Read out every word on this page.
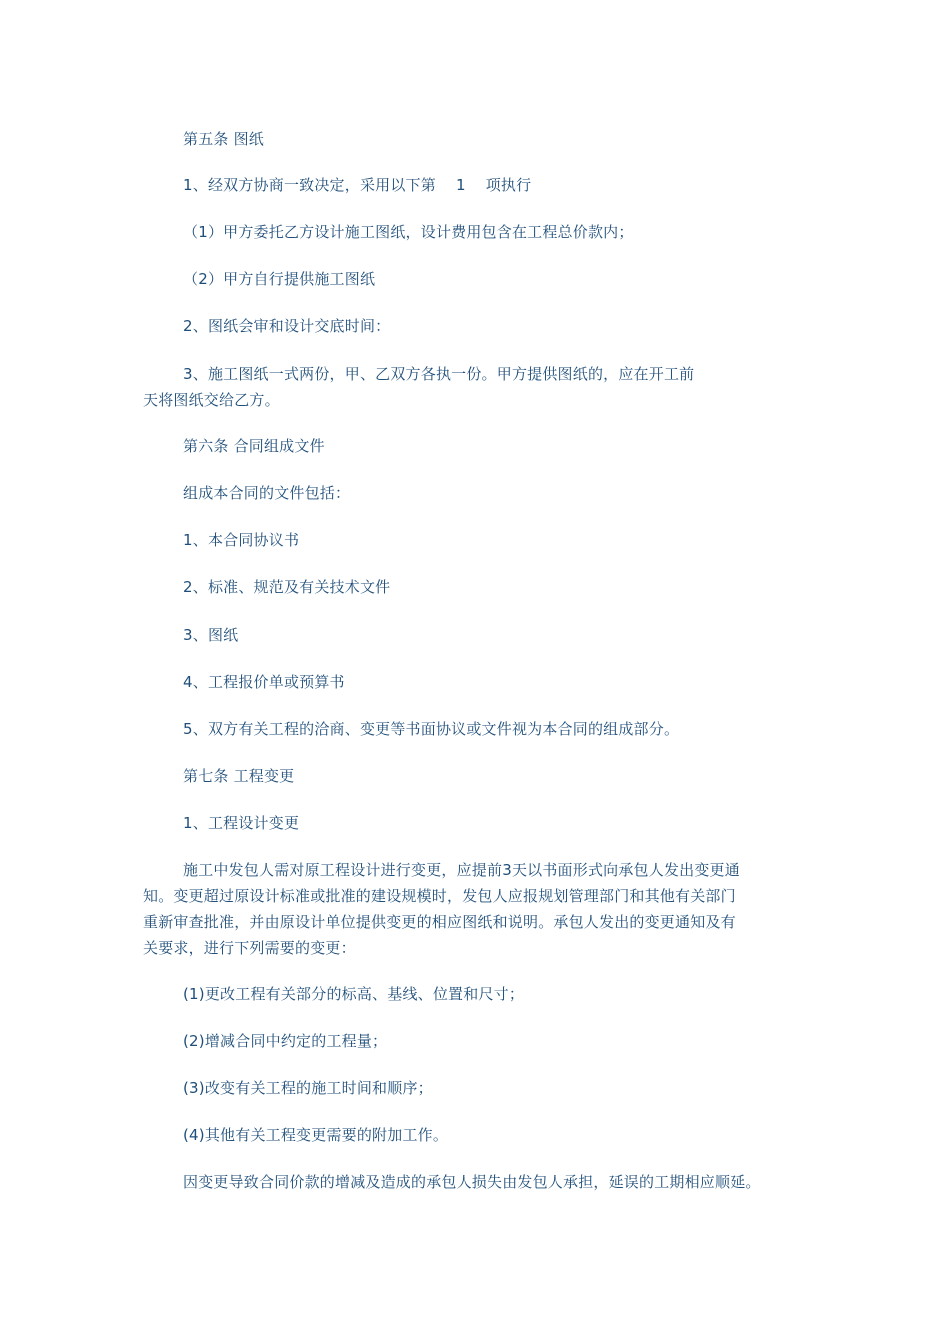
第五条 图纸
1、经双方协商一致决定，采用以下第 1 项执行
（1）甲方委托乙方设计施工图纸，设计费用包含在工程总价款内；
（2）甲方自行提供施工图纸
2、图纸会审和设计交底时间：
3、施工图纸一式两份，甲、乙双方各执一份。甲方提供图纸的，应在开工前
天将图纸交给乙方。
第六条 合同组成文件
组成本合同的文件包括：
1、本合同协议书
2、标准、规范及有关技术文件
3、图纸
4、工程报价单或预算书
5、双方有关工程的洽商、变更等书面协议或文件视为本合同的组成部分。
第七条 工程变更
1、工程设计变更
施工中发包人需对原工程设计进行变更，应提前3天以书面形式向承包人发出变更通
知。变更超过原设计标准或批准的建设规模时，发包人应报规划管理部门和其他有关部门
重新审查批准，并由原设计单位提供变更的相应图纸和说明。承包人发出的变更通知及有
关要求，进行下列需要的变更：
(1)更改工程有关部分的标高、基线、位置和尺寸；
(2)增减合同中约定的工程量；
(3)改变有关工程的施工时间和顺序；
(4)其他有关工程变更需要的附加工作。
因变更导致合同价款的增减及造成的承包人损失由发包人承担，延误的工期相应顺延。
